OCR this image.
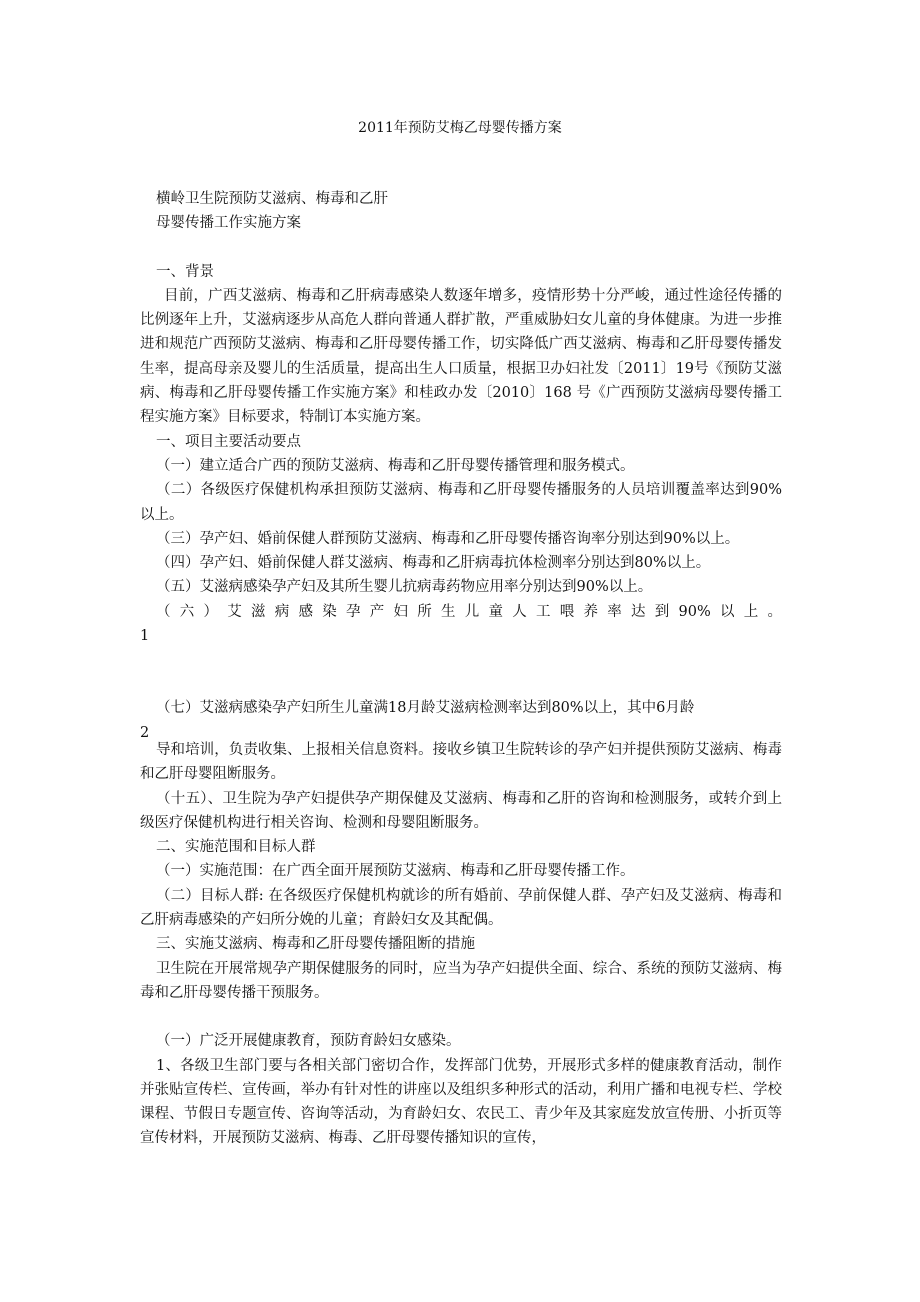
2011年预防艾梅乙母婴传播方案

横岭卫生院预防艾滋病、梅毒和乙肝

母婴传播工作实施方案

一、背景

目前，广西艾滋病、梅毒和乙肝病毒感染人数逐年增多，疫情形势十分严峻，通过性途径传播的比例逐年上升，艾滋病逐步从高危人群向普通人群扩散，严重威胁妇女儿童的身体健康。为进一步推进和规范广西预防艾滋病、梅毒和乙肝母婴传播工作，切实降低广西艾滋病、梅毒和乙肝母婴传播发生率，提高母亲及婴儿的生活质量，提高出生人口质量，根据卫办妇社发〔2011〕19号《预防艾滋病、梅毒和乙肝母婴传播工作实施方案》和桂政办发〔2010〕168 号《广西预防艾滋病母婴传播工程实施方案》目标要求，特制订本实施方案。

一、项目主要活动要点

（一）建立适合广西的预防艾滋病、梅毒和乙肝母婴传播管理和服务模式。

（二）各级医疗保健机构承担预防艾滋病、梅毒和乙肝母婴传播服务的人员培训覆盖率达到90%以上。

（三）孕产妇、婚前保健人群预防艾滋病、梅毒和乙肝母婴传播咨询率分别达到90%以上。

（四）孕产妇、婚前保健人群艾滋病、梅毒和乙肝病毒抗体检测率分别达到80%以上。

（五）艾滋病感染孕产妇及其所生婴儿抗病毒药物应用率分别达到90%以上。

（六）艾滋病感染孕产妇所生儿童人工喂养率达到90%以上。

1

（七）艾滋病感染孕产妇所生儿童满18月龄艾滋病检测率达到80%以上，其中6月龄

2

导和培训，负责收集、上报相关信息资料。接收乡镇卫生院转诊的孕产妇并提供预防艾滋病、梅毒和乙肝母婴阻断服务。

（十五）、卫生院为孕产妇提供孕产期保健及艾滋病、梅毒和乙肝的咨询和检测服务，或转介到上级医疗保健机构进行相关咨询、检测和母婴阻断服务。

二、实施范围和目标人群

（一）实施范围：在广西全面开展预防艾滋病、梅毒和乙肝母婴传播工作。

（二）目标人群: 在各级医疗保健机构就诊的所有婚前、孕前保健人群、孕产妇及艾滋病、梅毒和乙肝病毒感染的产妇所分娩的儿童；育龄妇女及其配偶。

三、实施艾滋病、梅毒和乙肝母婴传播阻断的措施

卫生院在开展常规孕产期保健服务的同时，应当为孕产妇提供全面、综合、系统的预防艾滋病、梅毒和乙肝母婴传播干预服务。

（一）广泛开展健康教育，预防育龄妇女感染。

1、各级卫生部门要与各相关部门密切合作，发挥部门优势，开展形式多样的健康教育活动，制作并张贴宣传栏、宣传画，举办有针对性的讲座以及组织多种形式的活动，利用广播和电视专栏、学校课程、节假日专题宣传、咨询等活动，为育龄妇女、农民工、青少年及其家庭发放宣传册、小折页等宣传材料，开展预防艾滋病、梅毒、乙肝母婴传播知识的宣传，
